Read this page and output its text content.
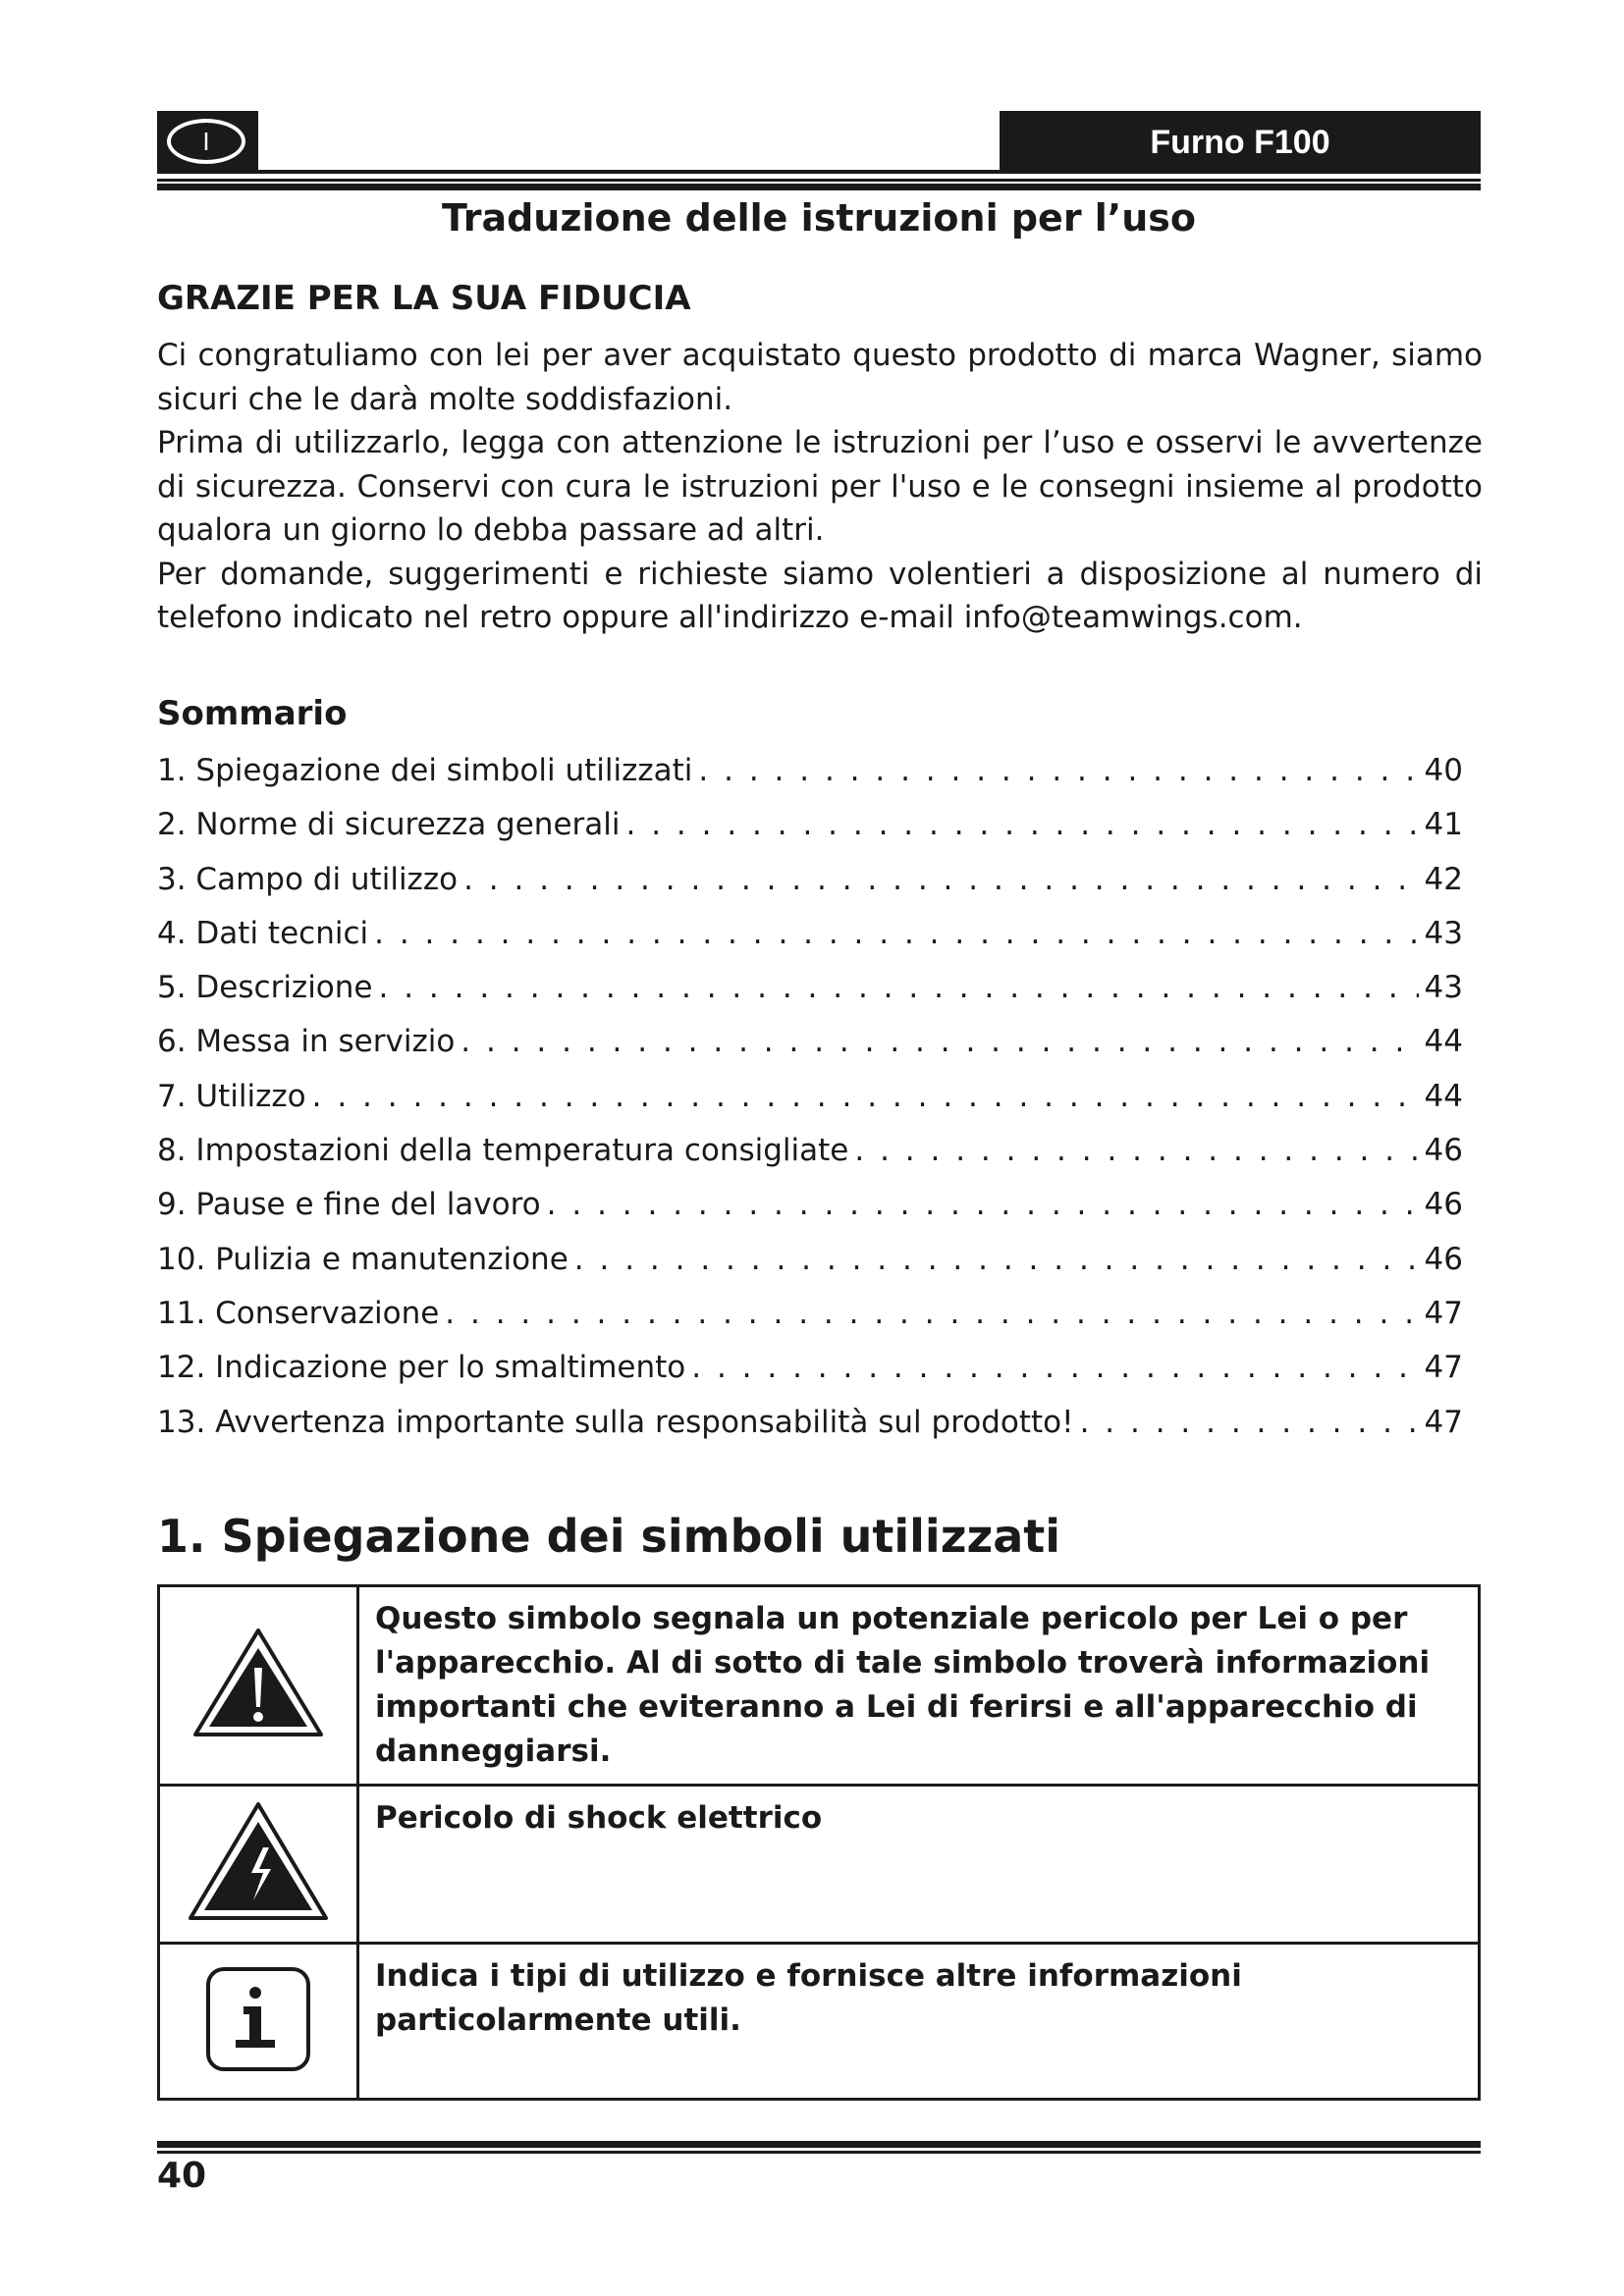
I	Furno F100
Traduzione delle istruzioni per l’uso
GRAZIE PER LA SUA FIDUCIA

Ci congratuliamo con lei per aver acquistato questo prodotto di marca Wagner, siamo sicuri che le darà molte soddisfazioni.

Prima di utilizzarlo, legga con attenzione le istruzioni per l’uso e osservi le avvertenze di sicurezza. Conservi con cura le istruzioni per l'uso e le consegni insieme al prodotto qualora un giorno lo debba passare ad altri.

Per domande, suggerimenti e richieste siamo volentieri a disposizione al numero di telefono indicato nel retro oppure all'indirizzo e-mail info@teamwings.com.

Sommario
1. Spiegazione dei simboli utilizzati . . .	40
2. Norme di sicurezza generali . . .	41
3. Campo di utilizzo . . .	42
4. Dati tecnici . . .	43
5. Descrizione . . .	43
6. Messa in servizio . . .	44
7. Utilizzo . . .	44
8. Impostazioni della temperatura consigliate . . .	46
9. Pause e fine del lavoro . . .	46
10. Pulizia e manutenzione . . .	46
11. Conservazione . . .	47
12. Indicazione per lo smaltimento . . .	47
13. Avvertenza importante sulla responsabilità sul prodotto! . . .	47
1. Spiegazione dei simboli utilizzati
	Questo simbolo segnala un potenziale pericolo per Lei o per l'apparecchio. Al di sotto di tale simbolo troverà informazioni importanti che eviteranno a Lei di ferirsi e all'apparecchio di danneggiarsi.
	Pericolo di shock elettrico
	Indica i tipi di utilizzo e fornisce altre informazioni particolarmente utili.
40
